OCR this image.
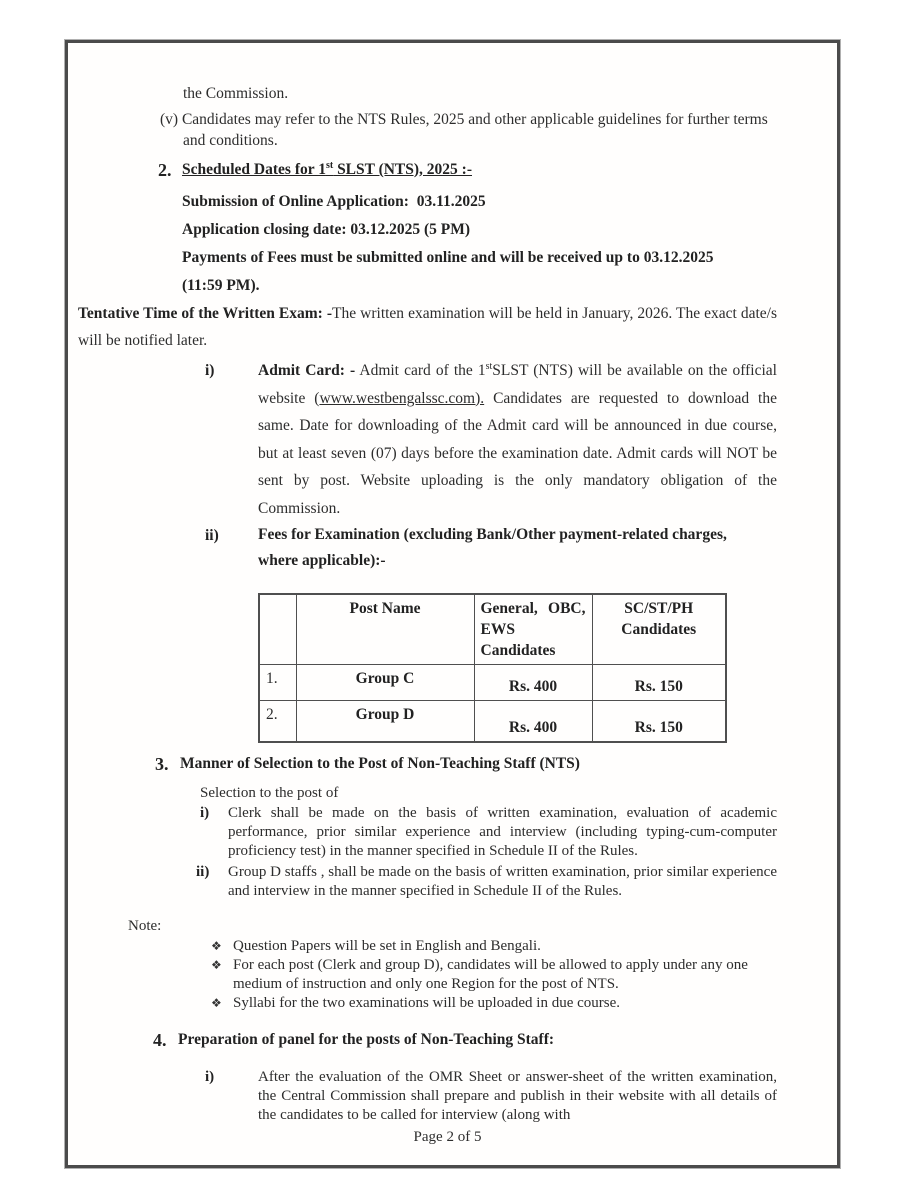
the Commission.
(v) Candidates may refer to the NTS Rules, 2025 and other applicable guidelines for further terms and conditions.
2. Scheduled Dates for 1st SLST (NTS), 2025 :-
Submission of Online Application:  03.11.2025
Application closing date: 03.12.2025 (5 PM)
Payments of Fees must be submitted online and will be received up to 03.12.2025
(11:59 PM).
Tentative Time of the Written Exam: -The written examination will be held in January, 2026. The exact date/s will be notified later.
i)	Admit Card: - Admit card of the 1stSLST (NTS) will be available on the official website (www.westbengalssc.com). Candidates are requested to download the same. Date for downloading of the Admit card will be announced in due course, but at least seven (07) days before the examination date. Admit cards will NOT be sent by post. Website uploading is the only mandatory obligation of the Commission.

ii)	Fees for Examination (excluding Bank/Other payment-related charges,
where applicable):-
	Post Name	General, OBC, EWS Candidates	SC/ST/PH Candidates
1.	Group C	Rs. 400	Rs. 150
2.	Group D	Rs. 400	Rs. 150
3. Manner of Selection to the Post of Non-Teaching Staff (NTS)
Selection to the post of
i)	Clerk shall be made on the basis of written examination, evaluation of academic performance, prior similar experience and interview (including typing-cum-computer proficiency test) in the manner specified in Schedule II of the Rules.

ii)	Group D staffs , shall be made on the basis of written examination, prior similar experience and interview in the manner specified in Schedule II of the Rules.

Note:
❖ Question Papers will be set in English and Bengali.

❖ For each post (Clerk and group D), candidates will be allowed to apply under any one medium of instruction and only one Region for the post of NTS.

❖ Syllabi for the two examinations will be uploaded in due course.

4. Preparation of panel for the posts of Non-Teaching Staff:
i)	After the evaluation of the OMR Sheet or answer-sheet of the written examination, the Central Commission shall prepare and publish in their website with all details of the candidates to be called for interview (along with

Page 2 of 5
